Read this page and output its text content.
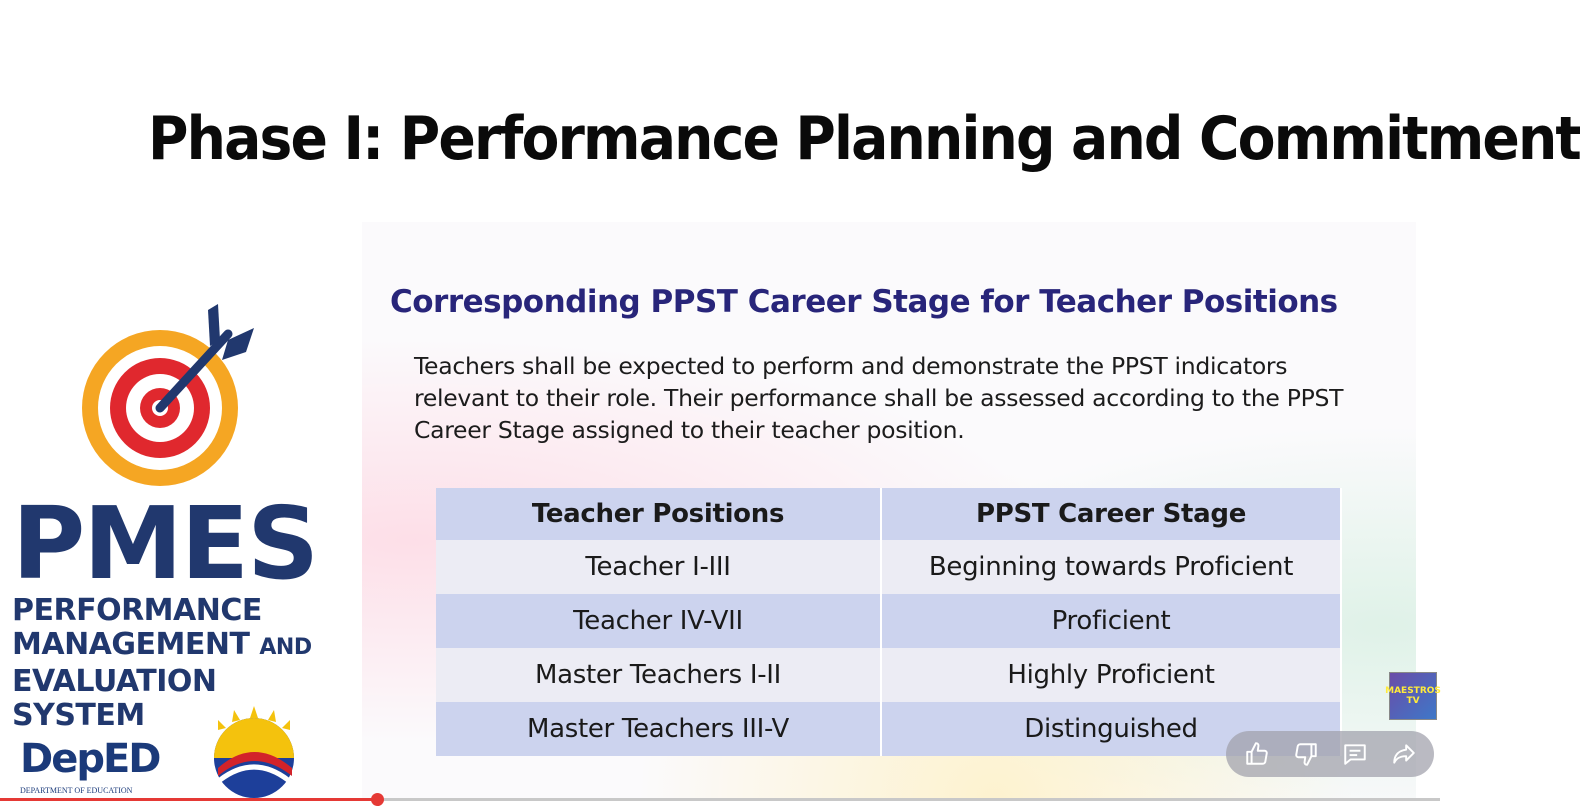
Phase I: Performance Planning and Commitment
PMES
PERFORMANCE
MANAGEMENT AND
EVALUATION SYSTEM
DepED
DEPARTMENT OF EDUCATION
Corresponding PPST Career Stage for Teacher Positions
Teachers shall be expected to perform and demonstrate the PPST indicators relevant to their role. Their performance shall be assessed according to the PPST Career Stage assigned to their teacher position.
Teacher Positions	PPST Career Stage
Teacher I-III	Beginning towards Proficient
Teacher IV-VII	Proficient
Master Teachers I-II	Highly Proficient
Master Teachers III-V	Distinguished
MAESTROS TV
